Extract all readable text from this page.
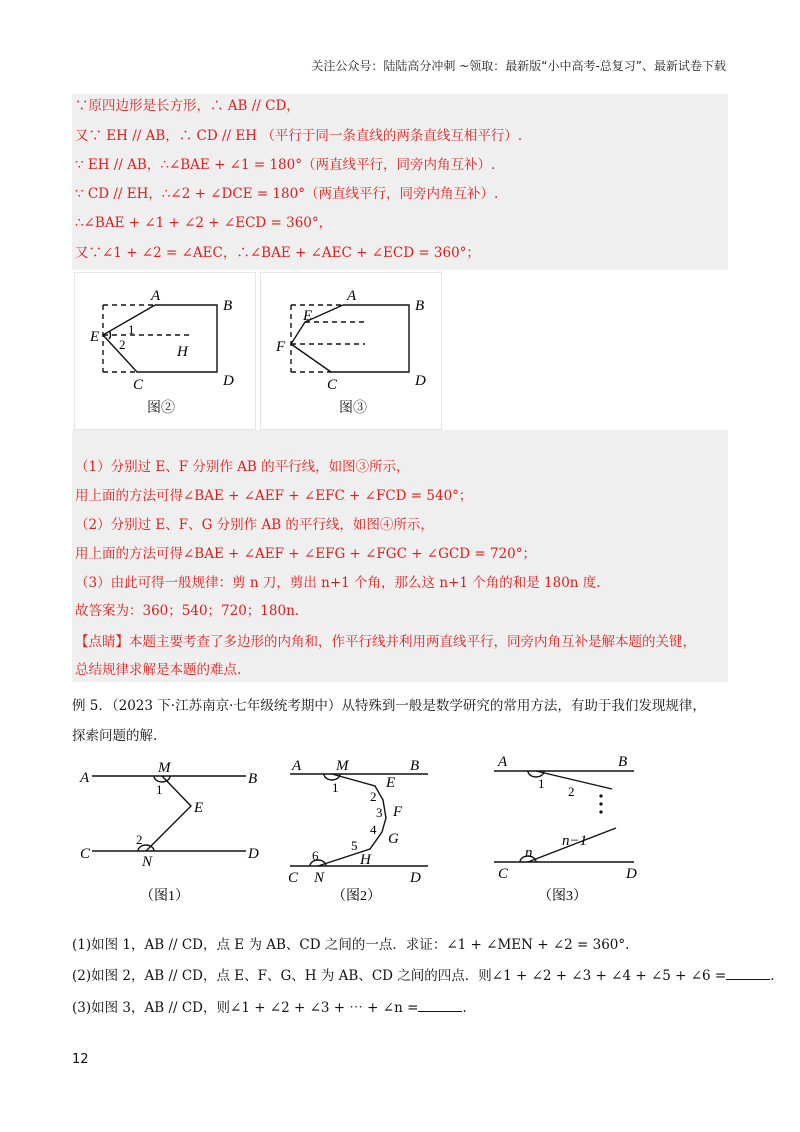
关注公众号：陆陆高分冲刺 ~领取：最新版“小中高考-总复习”、最新试卷下载
∵原四边形是长方形，∴ AB // CD，
又∵ EH // AB，∴ CD // EH （平行于同一条直线的两条直线互相平行）.
∵ EH // AB，∴∠BAE + ∠1 = 180°（两直线平行，同旁内角互补）.
∵ CD // EH，∴∠2 + ∠DCE = 180°（两直线平行，同旁内角互补）.
∴∠BAE + ∠1 + ∠2 + ∠ECD = 360°，
又∵∠1 + ∠2 = ∠AEC，∴∠BAE + ∠AEC + ∠ECD = 360°；
A
B
E 1
2	H
C	D
图②
A
B
E
F
C	D
图③
（1）分别过 E、F 分别作 AB 的平行线，如图③所示，
用上面的方法可得∠BAE + ∠AEF + ∠EFC + ∠FCD = 540°；
（2）分别过 E、F、G 分别作 AB 的平行线，如图④所示，
用上面的方法可得∠BAE + ∠AEF + ∠EFG + ∠FGC + ∠GCD = 720°；
（3）由此可得一般规律：剪 n 刀，剪出 n+1 个角，那么这 n+1 个角的和是 180n 度.
故答案为：360；540；720；180n.
【点睛】本题主要考查了多边形的内角和，作平行线并利用两直线平行，同旁内角互补是解本题的关键，
总结规律求解是本题的难点.
例 5．（2023 下·江苏南京·七年级统考期中）从特殊到一般是数学研究的常用方法，有助于我们发现规律，
探索问题的解.
A	B
M
E
C	N	D
A	B
M
E
F
G
H
C N	D
A	B
C	D
n
n−1
1
2
1
2
3
4
5
6
1
2
（图1）	（图2）	（图3）
(1)如图 1，AB // CD，点 E 为 AB、CD 之间的一点．求证：∠1 + ∠MEN + ∠2 = 360°.
(2)如图 2，AB // CD，点 E、F、G、H 为 AB、CD 之间的四点．则∠1 + ∠2 + ∠3 + ∠4 + ∠5 + ∠6 =	.
(3)如图 3，AB // CD，则∠1 + ∠2 + ∠3 + ⋯ + ∠n =	.
12
